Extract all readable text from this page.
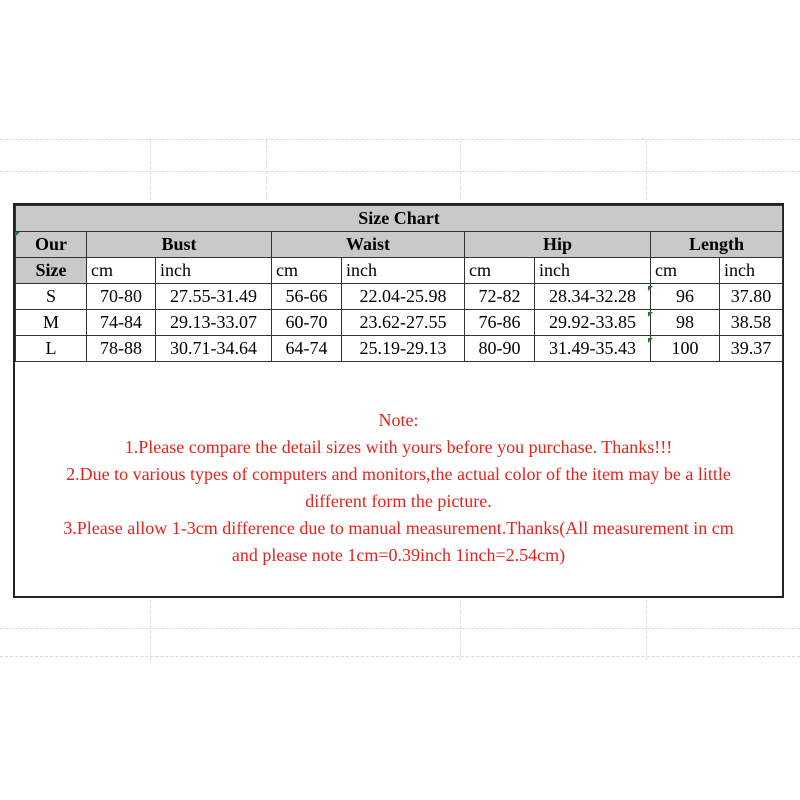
Size Chart								
Our	Bust		Waist		Hip		Length	
Size	cm	inch	cm	inch	cm	inch	cm	inch
S	70-80	27.55-31.49	56-66	22.04-25.98	72-82	28.34-32.28	96	37.80
M	74-84	29.13-33.07	60-70	23.62-27.55	76-86	29.92-33.85	98	38.58
L	78-88	30.71-34.64	64-74	25.19-29.13	80-90	31.49-35.43	100	39.37
Note:
1.Please compare the detail sizes with yours before you purchase. Thanks!!!
2.Due to various types of computers and monitors,the actual color of the item may be a little
different form the picture.
3.Please allow 1-3cm difference due to manual measurement.Thanks(All measurement in cm
and please note 1cm=0.39inch 1inch=2.54cm)
